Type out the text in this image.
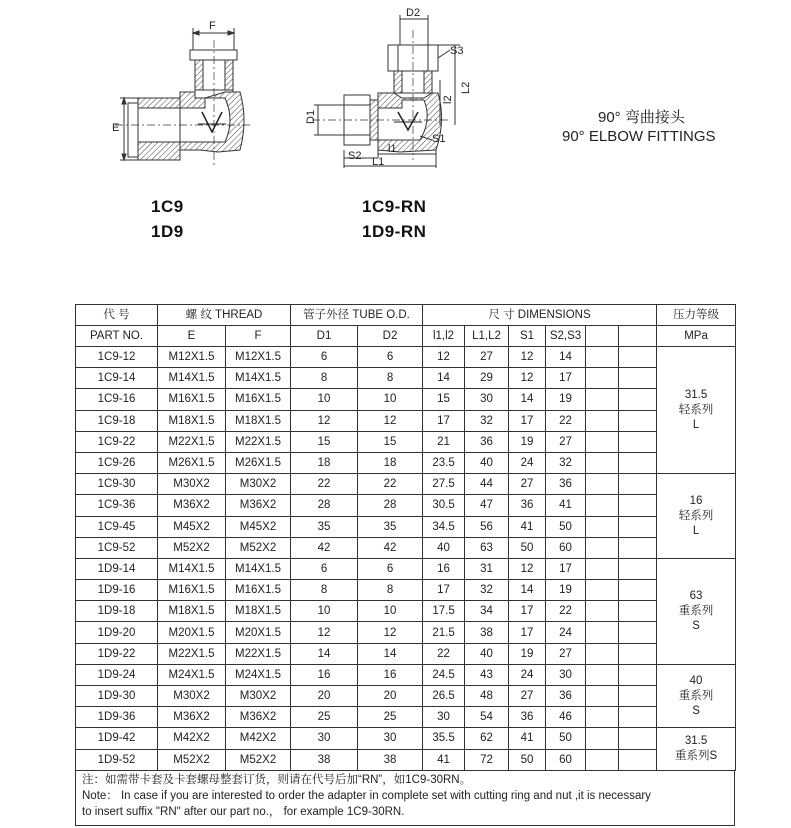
F
E
D2
S3
L2
l2
D1
S1
S2
l1
L1
1C9
1D9
1C9-RN
1D9-RN
90° 弯曲接头
90° ELBOW FITTINGS
代 号	螺 纹 THREAD		管子外径 TUBE O.D.		尺 寸 DIMENSIONS						压力等级
PART NO.	E	F	D1	D2	l1,l2	L1,L2	S1	S2,S3			MPa
1C9-12	M12X1.5	M12X1.5	6	6	12	27	12	14			31.5
轻系列
L

1C9-14	M14X1.5	M14X1.5	8	8	14	29	12	17			
1C9-16	M16X1.5	M16X1.5	10	10	15	30	14	19			
1C9-18	M18X1.5	M18X1.5	12	12	17	32	17	22			
1C9-22	M22X1.5	M22X1.5	15	15	21	36	19	27			
1C9-26	M26X1.5	M26X1.5	18	18	23.5	40	24	32			
1C9-30	M30X2	M30X2	22	22	27.5	44	27	36			16
轻系列
L

1C9-36	M36X2	M36X2	28	28	30.5	47	36	41			
1C9-45	M45X2	M45X2	35	35	34.5	56	41	50			
1C9-52	M52X2	M52X2	42	42	40	63	50	60			
1D9-14	M14X1.5	M14X1.5	6	6	16	31	12	17			63
重系列
S

1D9-16	M16X1.5	M16X1.5	8	8	17	32	14	19			
1D9-18	M18X1.5	M18X1.5	10	10	17.5	34	17	22			
1D9-20	M20X1.5	M20X1.5	12	12	21.5	38	17	24			
1D9-22	M22X1.5	M22X1.5	14	14	22	40	19	27			
1D9-24	M24X1.5	M24X1.5	16	16	24.5	43	24	30			40
重系列
S

1D9-30	M30X2	M30X2	20	20	26.5	48	27	36			
1D9-36	M36X2	M36X2	25	25	30	54	36	46			
1D9-42	M42X2	M42X2	30	30	35.5	62	41	50			31.5
重系列S

1D9-52	M52X2	M52X2	38	38	41	72	50	60			
注：如需带卡套及卡套螺母整套订货，则请在代号后加“RN”，如1C9-30RN。
Note： In case if you are interested to order the adapter in complete set with cutting ring and nut ,it is necessary
to insert suffix "RN" after our part no.， for example 1C9-30RN.
